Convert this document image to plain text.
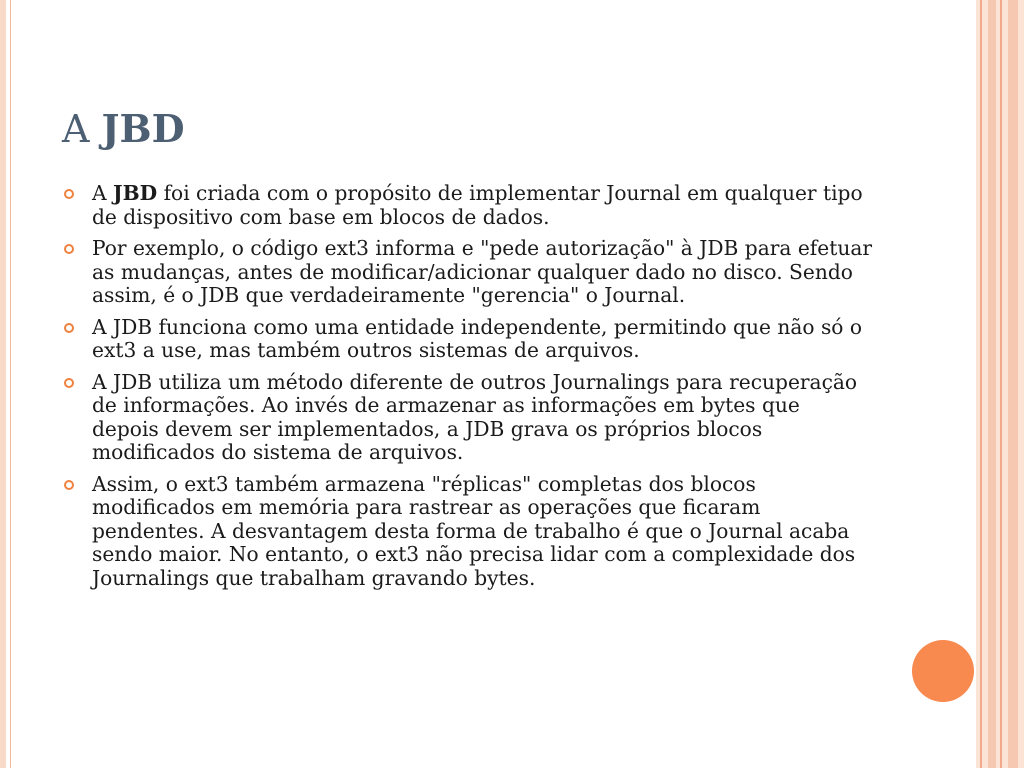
A JBD
A JBD foi criada com o propósito de implementar Journal em qualquer tipo de dispositivo com base em blocos de dados.
Por exemplo, o código ext3 informa e "pede autorização" à JDB para efetuar as mudanças, antes de modificar/adicionar qualquer dado no disco. Sendo assim, é o JDB que verdadeiramente "gerencia" o Journal.
A JDB funciona como uma entidade independente, permitindo que não só o ext3 a use, mas também outros sistemas de arquivos.
A JDB utiliza um método diferente de outros Journalings para recuperação de informações. Ao invés de armazenar as informações em bytes que depois devem ser implementados, a JDB grava os próprios blocos modificados do sistema de arquivos.
Assim, o ext3 também armazena "réplicas" completas dos blocos modificados em memória para rastrear as operações que ficaram pendentes. A desvantagem desta forma de trabalho é que o Journal acaba sendo maior. No entanto, o ext3 não precisa lidar com a complexidade dos Journalings que trabalham gravando bytes.
